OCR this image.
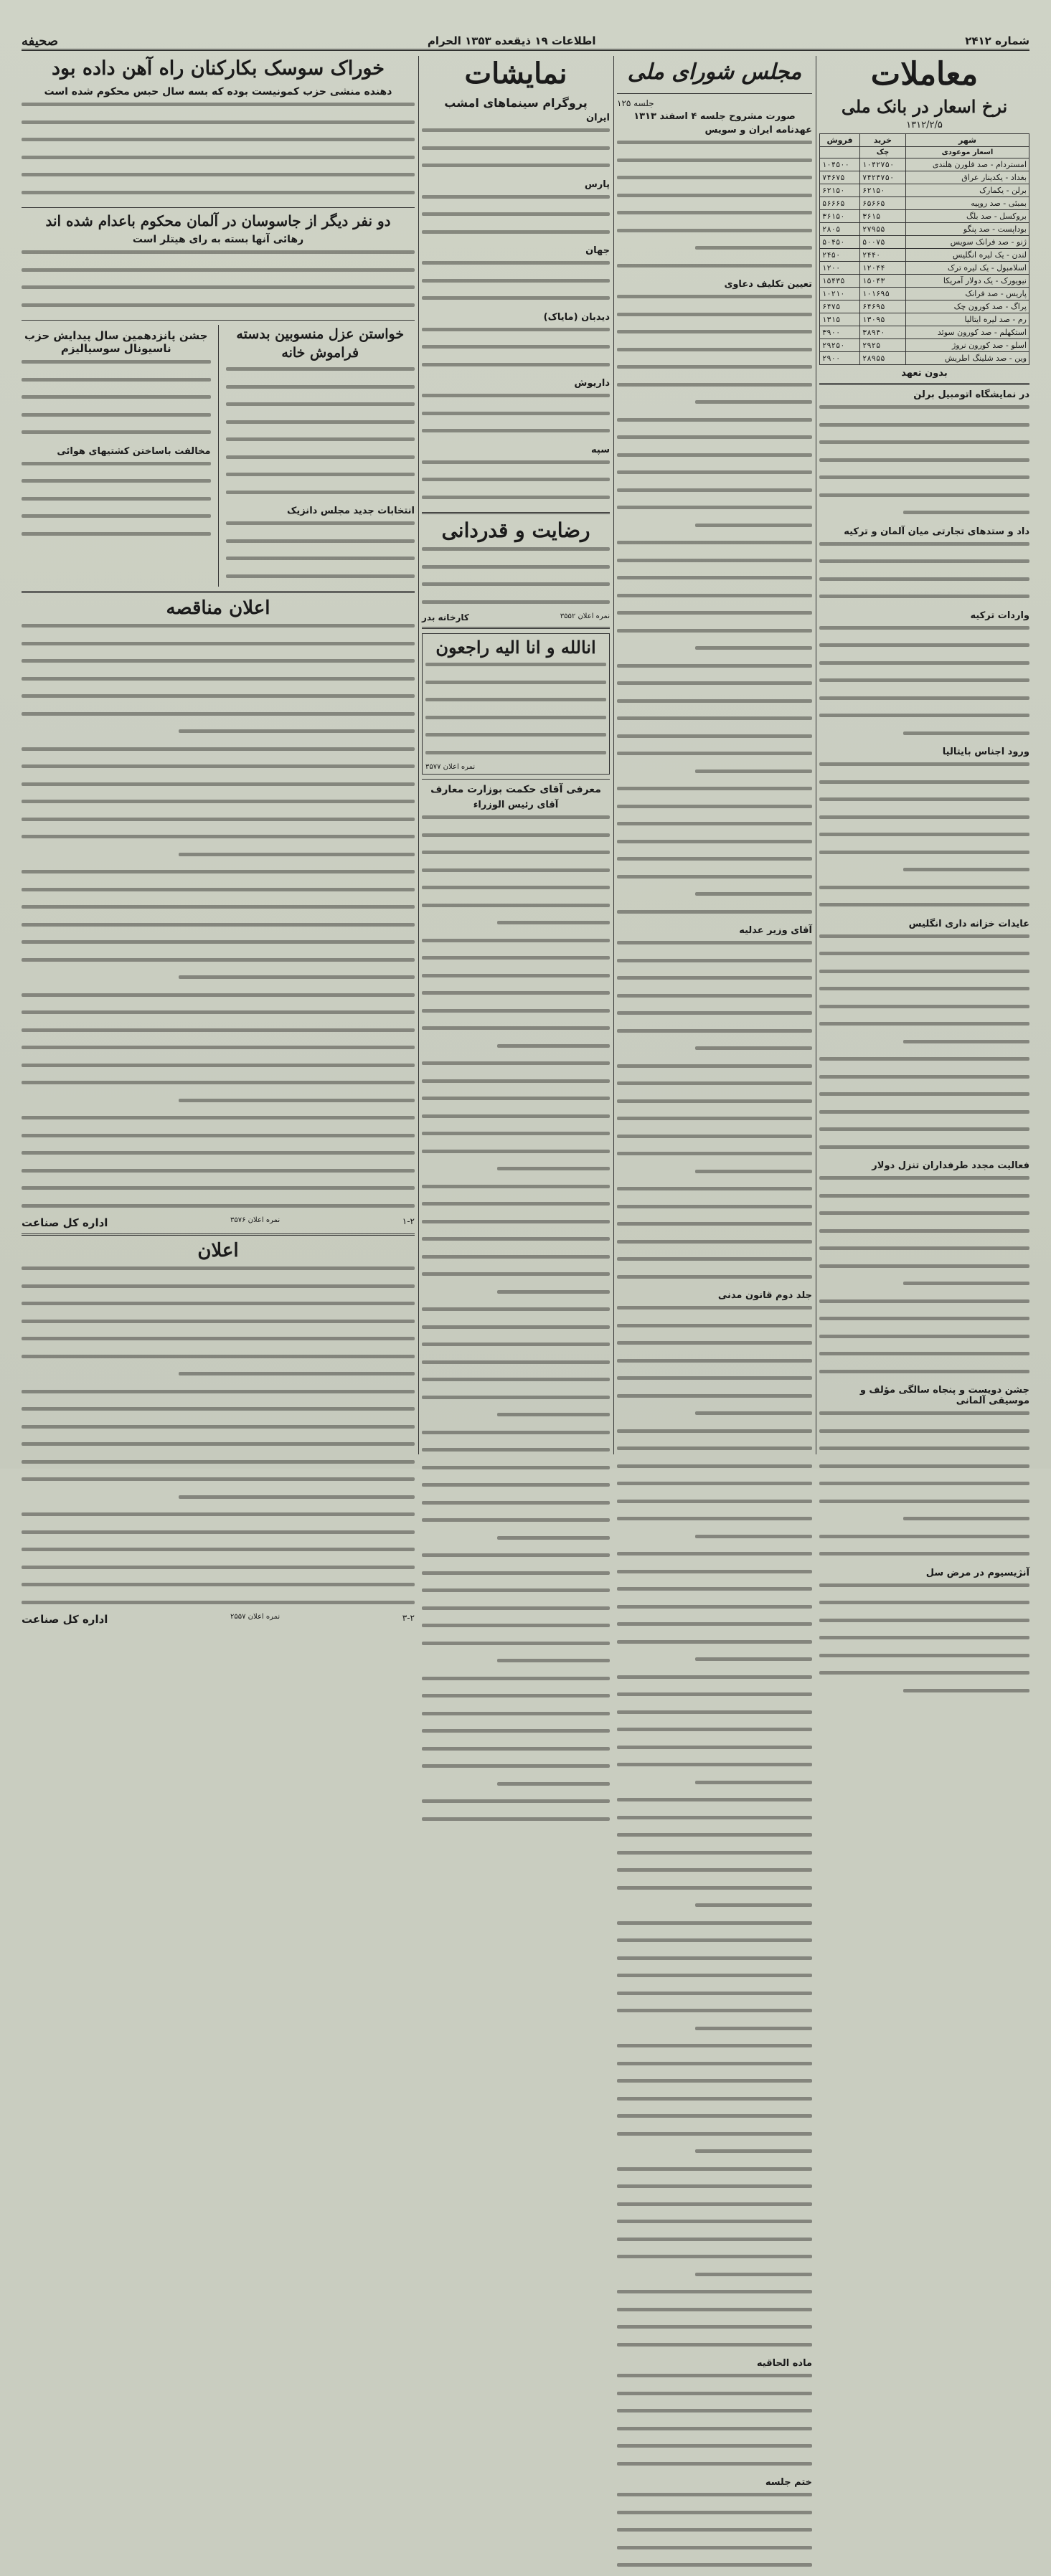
شماره ۲۴۱۲
اطلاعات ۱۹ ذیقعده ۱۳۵۳ الحرام
صحیفه
معاملات
نرخ اسعار در بانک ملی
۱۳۱۲/۲/۵
شهر	خرید	فروش
اسعار موعودی	چک	
امستردام - صد فلورن هلندی	۱۰۴۲۷۵۰	۱۰۴۵۰۰
بغداد - یکدینار عراق	۷۴۲۴۷۵۰	۷۴۶۷۵
برلن - یکمارک	۶۲۱۵۰	۶۲۱۵۰
بمبئی - صد روپیه	۶۵۶۶۵	۵۶۶۶۵
بروکسل - صد بلگ	۳۶۱۵	۳۶۱۵۰
بوداپست - صد پنگو	۲۷۹۵۵	۲۸۰۵
ژنو - صد فرانک سویس	۵۰۰۷۵	۵۰۴۵۰
لندن - یک لیره انگلیس	۲۴۴۰	۲۴۵۰
اسلامبول - یک لیره ترک	۱۲۰۴۴	۱۲۰۰
نیویورک - یک دولار آمریکا	۱۵۰۴۳	۱۵۴۳۵
پاریس - صد فرانک	۱۰۱۶۹۵	۱۰۲۱۰
پراگ - صد کورون چک	۶۴۶۹۵	۶۴۷۵
رم - صد لیره ایتالیا	۱۳۰۹۵	۱۳۱۵
استکهلم - صد کورون سوئد	۳۸۹۴۰	۳۹۰۰
اسلو - صد کورون نروژ	۲۹۲۵	۲۹۲۵۰
وین - صد شلینگ اطریش	۲۸۹۵۵	۲۹۰۰
بدون تعهد
در نمایشگاه اتومبیل برلن
داد و ستدهای تجارتی میان آلمان و ترکیه
واردات ترکیه
ورود اجناس بایتالیا
عایدات خزانه داری انگلیس
فعالیت مجدد طرفداران تنزل دولار
جشن دویست و پنجاه سالگی مؤلف و موسیقی آلمانی
آنژیسیوم در مرض سل
مجلس شورای ملی
جلسه ۱۲۵
صورت مشروح جلسه ۴ اسفند ۱۳۱۳
عهدنامه ایران و سویس
تعیین تکلیف دعاوی
آقای وزیر عدلیه
جلد دوم قانون مدنی
ماده الحاقیه
ختم جلسه
نمایشات
پروگرام سینماهای امشب
ایران
پارس
جهان
دیدبان (مایاک)
داریوش
سپه
رضایت و قدردانی
نمره اعلان ۳۵۵۲
کارخانه بدر
انالله و انا الیه راجعون
نمره اعلان ۳۵۷۷
معرفی آقای حکمت بوزارت معارف
آقای رئیس الوزراء
خوراک سوسک بکارکنان راه آهن داده بود
دهنده منشی حزب کمونیست بوده که بسه سال حبس محکوم شده است
دو نفر دیگر از جاسوسان در آلمان محکوم باعدام شده اند
رهائی آنها بسته به رای هیتلر است
خواستن عزل منسوبین بدسته فراموش خانه
انتخابات جدید مجلس دانزیک
جشن پانزدهمین سال پیدایش حزب ناسیونال سوسیالیزم
مخالفت باساختن کشتیهای هوائی
اعلان مناقصه
۱-۲
نمره اعلان ۳۵۷۶
اداره کل صناعت
اعلان
۳-۲
نمره اعلان ۲۵۵۷
اداره کل صناعت
